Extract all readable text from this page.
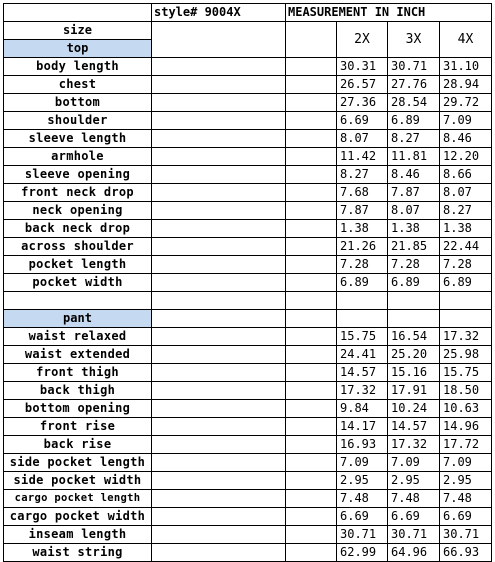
	style# 9004X	MEASUREMENT IN INCH			
size			2X	3X	4X
top					
body length			30.31	30.71	31.10
chest			26.57	27.76	28.94
bottom			27.36	28.54	29.72
shoulder			6.69	6.89	7.09
sleeve length			8.07	8.27	8.46
armhole			11.42	11.81	12.20
sleeve opening			8.27	8.46	8.66
front neck drop			7.68	7.87	8.07
neck opening			7.87	8.07	8.27
back neck drop			1.38	1.38	1.38
across shoulder			21.26	21.85	22.44
pocket length			7.28	7.28	7.28
pocket width			6.89	6.89	6.89

pant					
waist relaxed			15.75	16.54	17.32
waist extended			24.41	25.20	25.98
front thigh			14.57	15.16	15.75
back thigh			17.32	17.91	18.50
bottom opening			9.84	10.24	10.63
front rise			14.17	14.57	14.96
back rise			16.93	17.32	17.72
side pocket length			7.09	7.09	7.09
side pocket width			2.95	2.95	2.95
cargo pocket length			7.48	7.48	7.48
cargo pocket width			6.69	6.69	6.69
inseam length			30.71	30.71	30.71
waist string			62.99	64.96	66.93
